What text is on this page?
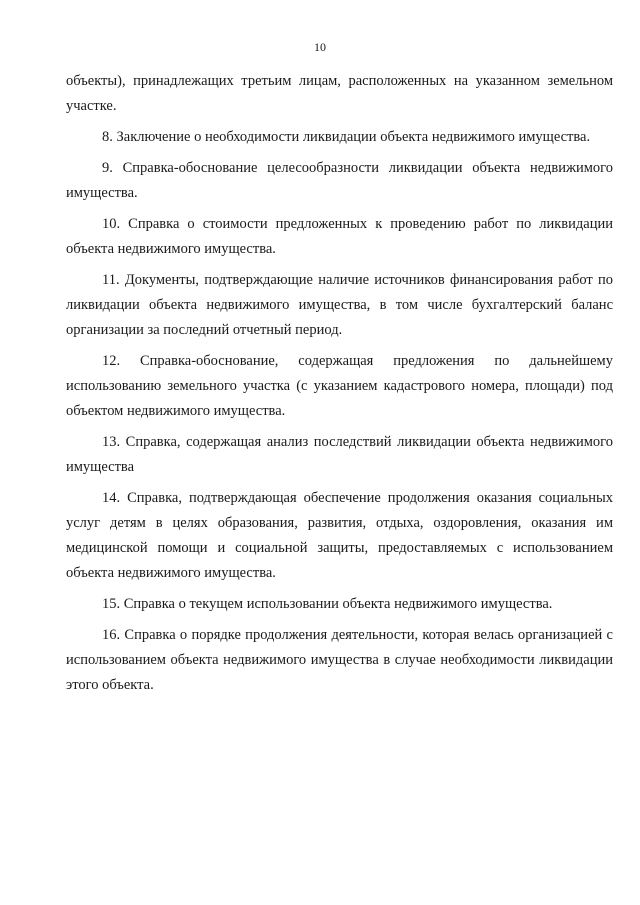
10

объекты), принадлежащих третьим лицам, расположенных на указанном земельном участке.

8. Заключение о необходимости ликвидации объекта недвижимого имущества.

9. Справка-обоснование целесообразности ликвидации объекта недвижимого имущества.

10. Справка о стоимости предложенных к проведению работ по ликвидации объекта недвижимого имущества.

11. Документы, подтверждающие наличие источников финансирования работ по ликвидации объекта недвижимого имущества, в том числе бухгалтерский баланс организации за последний отчетный период.

12. Справка-обоснование, содержащая предложения по дальнейшему использованию земельного участка (с указанием кадастрового номера, площади) под объектом недвижимого имущества.

13. Справка, содержащая анализ последствий ликвидации объекта недвижимого имущества

14. Справка, подтверждающая обеспечение продолжения оказания социальных услуг детям в целях образования, развития, отдыха, оздоровления, оказания им медицинской помощи и социальной защиты, предоставляемых с использованием объекта недвижимого имущества.

15. Справка о текущем использовании объекта недвижимого имущества.

16. Справка о порядке продолжения деятельности, которая велась организацией с использованием объекта недвижимого имущества в случае необходимости ликвидации этого объекта.
